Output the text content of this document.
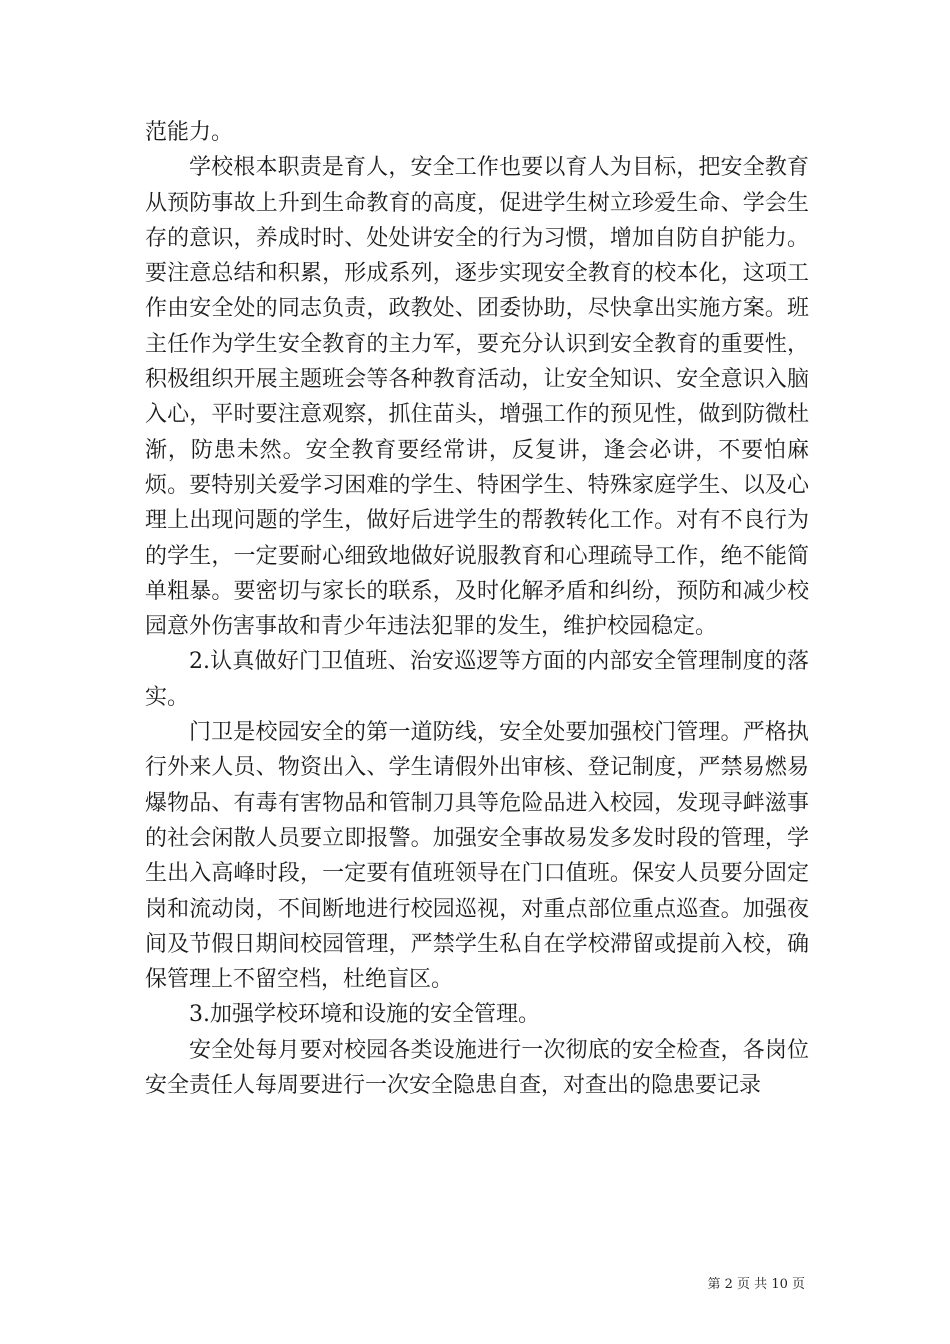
范能力。

学校根本职责是育人，安全工作也要以育人为目标，把安全教育从预防事故上升到生命教育的高度，促进学生树立珍爱生命、学会生存的意识，养成时时、处处讲安全的行为习惯，增加自防自护能力。要注意总结和积累，形成系列，逐步实现安全教育的校本化，这项工作由安全处的同志负责，政教处、团委协助，尽快拿出实施方案。班主任作为学生安全教育的主力军，要充分认识到安全教育的重要性，积极组织开展主题班会等各种教育活动，让安全知识、安全意识入脑入心，平时要注意观察，抓住苗头，增强工作的预见性，做到防微杜渐，防患未然。安全教育要经常讲，反复讲，逢会必讲，不要怕麻烦。要特别关爱学习困难的学生、特困学生、特殊家庭学生、以及心理上出现问题的学生，做好后进学生的帮教转化工作。对有不良行为的学生，一定要耐心细致地做好说服教育和心理疏导工作，绝不能简单粗暴。要密切与家长的联系，及时化解矛盾和纠纷，预防和减少校园意外伤害事故和青少年违法犯罪的发生，维护校园稳定。

2.认真做好门卫值班、治安巡逻等方面的内部安全管理制度的落实。

门卫是校园安全的第一道防线，安全处要加强校门管理。严格执行外来人员、物资出入、学生请假外出审核、登记制度，严禁易燃易爆物品、有毒有害物品和管制刀具等危险品进入校园，发现寻衅滋事的社会闲散人员要立即报警。加强安全事故易发多发时段的管理，学生出入高峰时段，一定要有值班领导在门口值班。保安人员要分固定岗和流动岗，不间断地进行校园巡视，对重点部位重点巡查。加强夜间及节假日期间校园管理，严禁学生私自在学校滞留或提前入校，确保管理上不留空档，杜绝盲区。

3.加强学校环境和设施的安全管理。

安全处每月要对校园各类设施进行一次彻底的安全检查，各岗位安全责任人每周要进行一次安全隐患自查，对查出的隐患要记录

第 2 页 共 10 页
